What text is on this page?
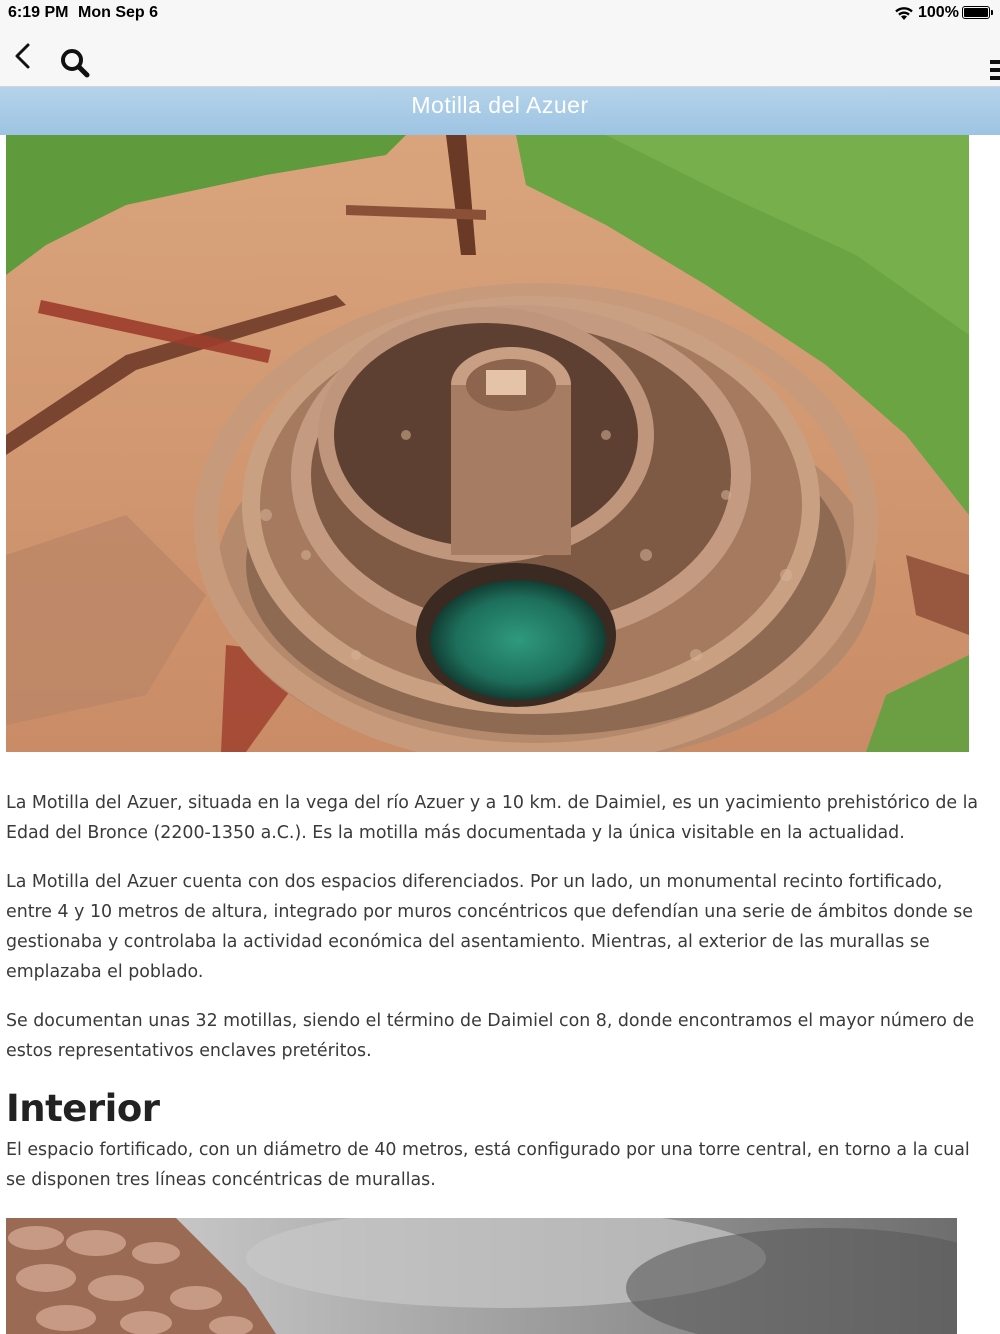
6:19 PM Mon Sep 6	100%
Motilla del Azuer

La Motilla del Azuer, situada en la vega del río Azuer y a 10 km. de Daimiel, es un yacimiento prehistórico de la Edad del Bronce (2200-1350 a.C.). Es la motilla más documentada y la única visitable en la actualidad.

La Motilla del Azuer cuenta con dos espacios diferenciados. Por un lado, un monumental recinto fortificado, entre 4 y 10 metros de altura, integrado por muros concéntricos que defendían una serie de ámbitos donde se gestionaba y controlaba la actividad económica del asentamiento. Mientras, al exterior de las murallas se emplazaba el poblado.

Se documentan unas 32 motillas, siendo el término de Daimiel con 8, donde encontramos el mayor número de estos representativos enclaves pretéritos.

Interior

El espacio fortificado, con un diámetro de 40 metros, está configurado por una torre central, en torno a la cual se disponen tres líneas concéntricas de murallas.
